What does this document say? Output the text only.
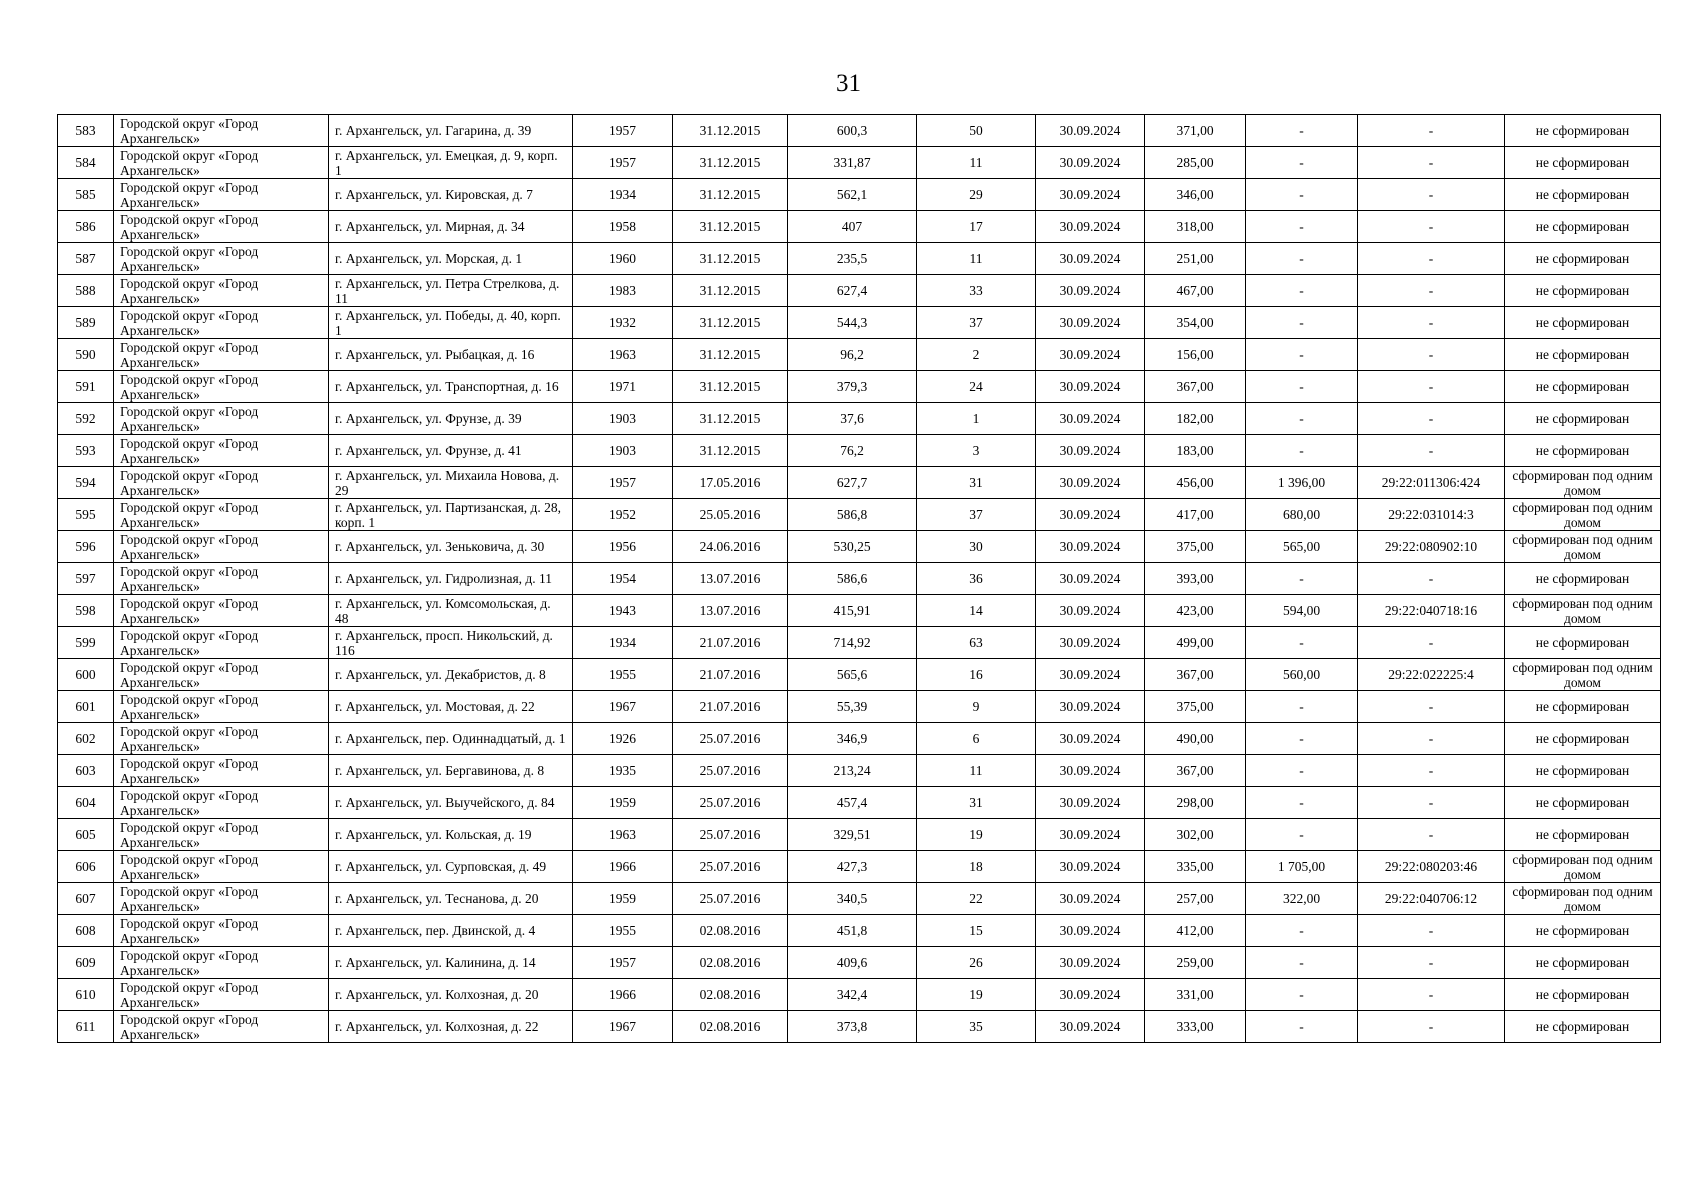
31
583	Городской округ «Город Архангельск»	г. Архангельск, ул. Гагарина, д. 39	1957	31.12.2015	600,3	50	30.09.2024	371,00	-	-	не сформирован
584	Городской округ «Город Архангельск»	г. Архангельск, ул. Емецкая, д. 9, корп. 1	1957	31.12.2015	331,87	11	30.09.2024	285,00	-	-	не сформирован
585	Городской округ «Город Архангельск»	г. Архангельск, ул. Кировская, д. 7	1934	31.12.2015	562,1	29	30.09.2024	346,00	-	-	не сформирован
586	Городской округ «Город Архангельск»	г. Архангельск, ул. Мирная, д. 34	1958	31.12.2015	407	17	30.09.2024	318,00	-	-	не сформирован
587	Городской округ «Город Архангельск»	г. Архангельск, ул. Морская, д. 1	1960	31.12.2015	235,5	11	30.09.2024	251,00	-	-	не сформирован
588	Городской округ «Город Архангельск»	г. Архангельск, ул. Петра Стрелкова, д. 11	1983	31.12.2015	627,4	33	30.09.2024	467,00	-	-	не сформирован
589	Городской округ «Город Архангельск»	г. Архангельск, ул. Победы, д. 40, корп. 1	1932	31.12.2015	544,3	37	30.09.2024	354,00	-	-	не сформирован
590	Городской округ «Город Архангельск»	г. Архангельск, ул. Рыбацкая, д. 16	1963	31.12.2015	96,2	2	30.09.2024	156,00	-	-	не сформирован
591	Городской округ «Город Архангельск»	г. Архангельск, ул. Транспортная, д. 16	1971	31.12.2015	379,3	24	30.09.2024	367,00	-	-	не сформирован
592	Городской округ «Город Архангельск»	г. Архангельск, ул. Фрунзе, д. 39	1903	31.12.2015	37,6	1	30.09.2024	182,00	-	-	не сформирован
593	Городской округ «Город Архангельск»	г. Архангельск, ул. Фрунзе, д. 41	1903	31.12.2015	76,2	3	30.09.2024	183,00	-	-	не сформирован
594	Городской округ «Город Архангельск»	г. Архангельск, ул. Михаила Новова, д. 29	1957	17.05.2016	627,7	31	30.09.2024	456,00	1 396,00	29:22:011306:424	сформирован под одним домом
595	Городской округ «Город Архангельск»	г. Архангельск, ул. Партизанская, д. 28, корп. 1	1952	25.05.2016	586,8	37	30.09.2024	417,00	680,00	29:22:031014:3	сформирован под одним домом
596	Городской округ «Город Архангельск»	г. Архангельск, ул. Зеньковича, д. 30	1956	24.06.2016	530,25	30	30.09.2024	375,00	565,00	29:22:080902:10	сформирован под одним домом
597	Городской округ «Город Архангельск»	г. Архангельск, ул. Гидролизная, д. 11	1954	13.07.2016	586,6	36	30.09.2024	393,00	-	-	не сформирован
598	Городской округ «Город Архангельск»	г. Архангельск, ул. Комсомольская, д. 48	1943	13.07.2016	415,91	14	30.09.2024	423,00	594,00	29:22:040718:16	сформирован под одним домом
599	Городской округ «Город Архангельск»	г. Архангельск, просп. Никольский, д. 116	1934	21.07.2016	714,92	63	30.09.2024	499,00	-	-	не сформирован
600	Городской округ «Город Архангельск»	г. Архангельск, ул. Декабристов, д. 8	1955	21.07.2016	565,6	16	30.09.2024	367,00	560,00	29:22:022225:4	сформирован под одним домом
601	Городской округ «Город Архангельск»	г. Архангельск, ул. Мостовая, д. 22	1967	21.07.2016	55,39	9	30.09.2024	375,00	-	-	не сформирован
602	Городской округ «Город Архангельск»	г. Архангельск, пер. Одиннадцатый, д. 1	1926	25.07.2016	346,9	6	30.09.2024	490,00	-	-	не сформирован
603	Городской округ «Город Архангельск»	г. Архангельск, ул. Бергавинова, д. 8	1935	25.07.2016	213,24	11	30.09.2024	367,00	-	-	не сформирован
604	Городской округ «Город Архангельск»	г. Архангельск, ул. Выучейского, д. 84	1959	25.07.2016	457,4	31	30.09.2024	298,00	-	-	не сформирован
605	Городской округ «Город Архангельск»	г. Архангельск, ул. Кольская, д. 19	1963	25.07.2016	329,51	19	30.09.2024	302,00	-	-	не сформирован
606	Городской округ «Город Архангельск»	г. Архангельск, ул. Сурповская, д. 49	1966	25.07.2016	427,3	18	30.09.2024	335,00	1 705,00	29:22:080203:46	сформирован под одним домом
607	Городской округ «Город Архангельск»	г. Архангельск, ул. Теснанова, д. 20	1959	25.07.2016	340,5	22	30.09.2024	257,00	322,00	29:22:040706:12	сформирован под одним домом
608	Городской округ «Город Архангельск»	г. Архангельск, пер. Двинской, д. 4	1955	02.08.2016	451,8	15	30.09.2024	412,00	-	-	не сформирован
609	Городской округ «Город Архангельск»	г. Архангельск, ул. Калинина, д. 14	1957	02.08.2016	409,6	26	30.09.2024	259,00	-	-	не сформирован
610	Городской округ «Город Архангельск»	г. Архангельск, ул. Колхозная, д. 20	1966	02.08.2016	342,4	19	30.09.2024	331,00	-	-	не сформирован
611	Городской округ «Город Архангельск»	г. Архангельск, ул. Колхозная, д. 22	1967	02.08.2016	373,8	35	30.09.2024	333,00	-	-	не сформирован
